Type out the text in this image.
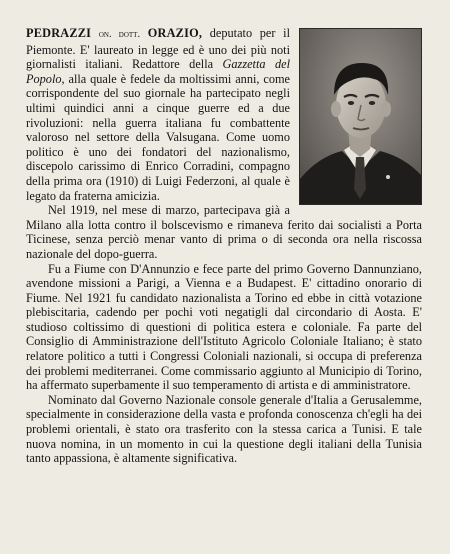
PEDRAZZI on. dott. ORAZIO, deputato per il Piemonte. E' laureato in legge ed è uno dei più noti giornalisti italiani. Redattore della Gazzetta del Popolo, alla quale è fedele da moltissimi anni, come corrispondente del suo giornale ha partecipato negli ultimi quindici anni a cinque guerre ed a due rivoluzioni: nella guerra italiana fu combattente valoroso nel settore della Valsugana. Come uomo politico è uno dei fondatori del nazionalismo, discepolo carissimo di Enrico Corradini, compagno della prima ora (1910) di Luigi Federzoni, al quale è legato da fraterna amicizia.

Nel 1919, nel mese di marzo, partecipava già a Milano alla lotta contro il bolscevismo e rimaneva ferito dai socialisti a Porta Ticinese, senza perciò menar vanto di prima o di seconda ora nella riscossa nazionale del dopo-guerra.

Fu a Fiume con D'Annunzio e fece parte del primo Governo Dannunziano, avendone missioni a Parigi, a Vienna e a Budapest. E' cittadino onorario di Fiume. Nel 1921 fu candidato nazionalista a Torino ed ebbe in città votazione plebiscitaria, cadendo per pochi voti negatigli dal circondario di Aosta. E' studioso coltissimo di questioni di politica estera e coloniale. Fa parte del Consiglio di Amministrazione dell'Istituto Agricolo Coloniale Italiano; è stato relatore politico a tutti i Congressi Coloniali nazionali, si occupa di preferenza dei problemi mediterranei. Come commissario aggiunto al Municipio di Torino, ha affermato superbamente il suo temperamento di artista e di amministratore.

Nominato dal Governo Nazionale console generale d'Italia a Gerusalemme, specialmente in considerazione della vasta e profonda conoscenza ch'egli ha dei problemi orientali, è stato ora trasferito con la stessa carica a Tunisi. E tale nuova nomina, in un momento in cui la questione degli italiani della Tunisia tanto appassiona, è altamente significativa.
